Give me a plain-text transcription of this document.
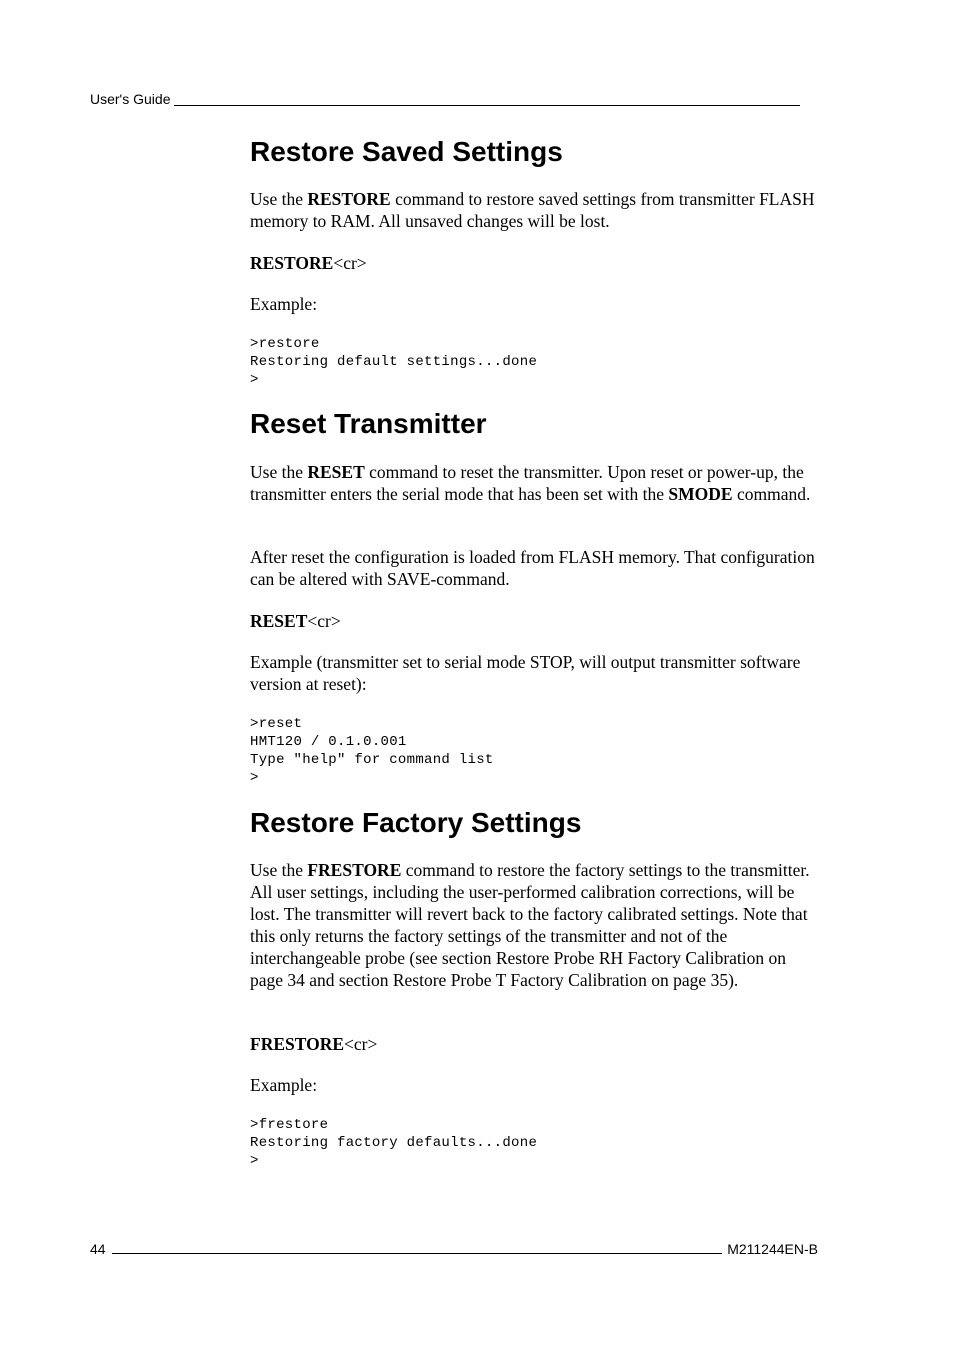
User's Guide
Restore Saved Settings

Use the RESTORE command to restore saved settings from transmitter FLASH memory to RAM. All unsaved changes will be lost.

RESTORE<cr>

Example:

>restore
Restoring default settings...done
>
Reset Transmitter

Use the RESET command to reset the transmitter. Upon reset or power-up, the transmitter enters the serial mode that has been set with the SMODE command.

After reset the configuration is loaded from FLASH memory. That configuration can be altered with SAVE-command.

RESET<cr>

Example (transmitter set to serial mode STOP, will output transmitter software version at reset):

>reset
HMT120 / 0.1.0.001
Type "help" for command list
>
Restore Factory Settings

Use the FRESTORE command to restore the factory settings to the transmitter. All user settings, including the user-performed calibration corrections, will be lost. The transmitter will revert back to the factory calibrated settings. Note that this only returns the factory settings of the transmitter and not of the interchangeable probe (see section Restore Probe RH Factory Calibration on page 34 and section Restore Probe T Factory Calibration on page 35).

FRESTORE<cr>

Example:

>frestore
Restoring factory defaults...done
>
44	M211244EN-B
